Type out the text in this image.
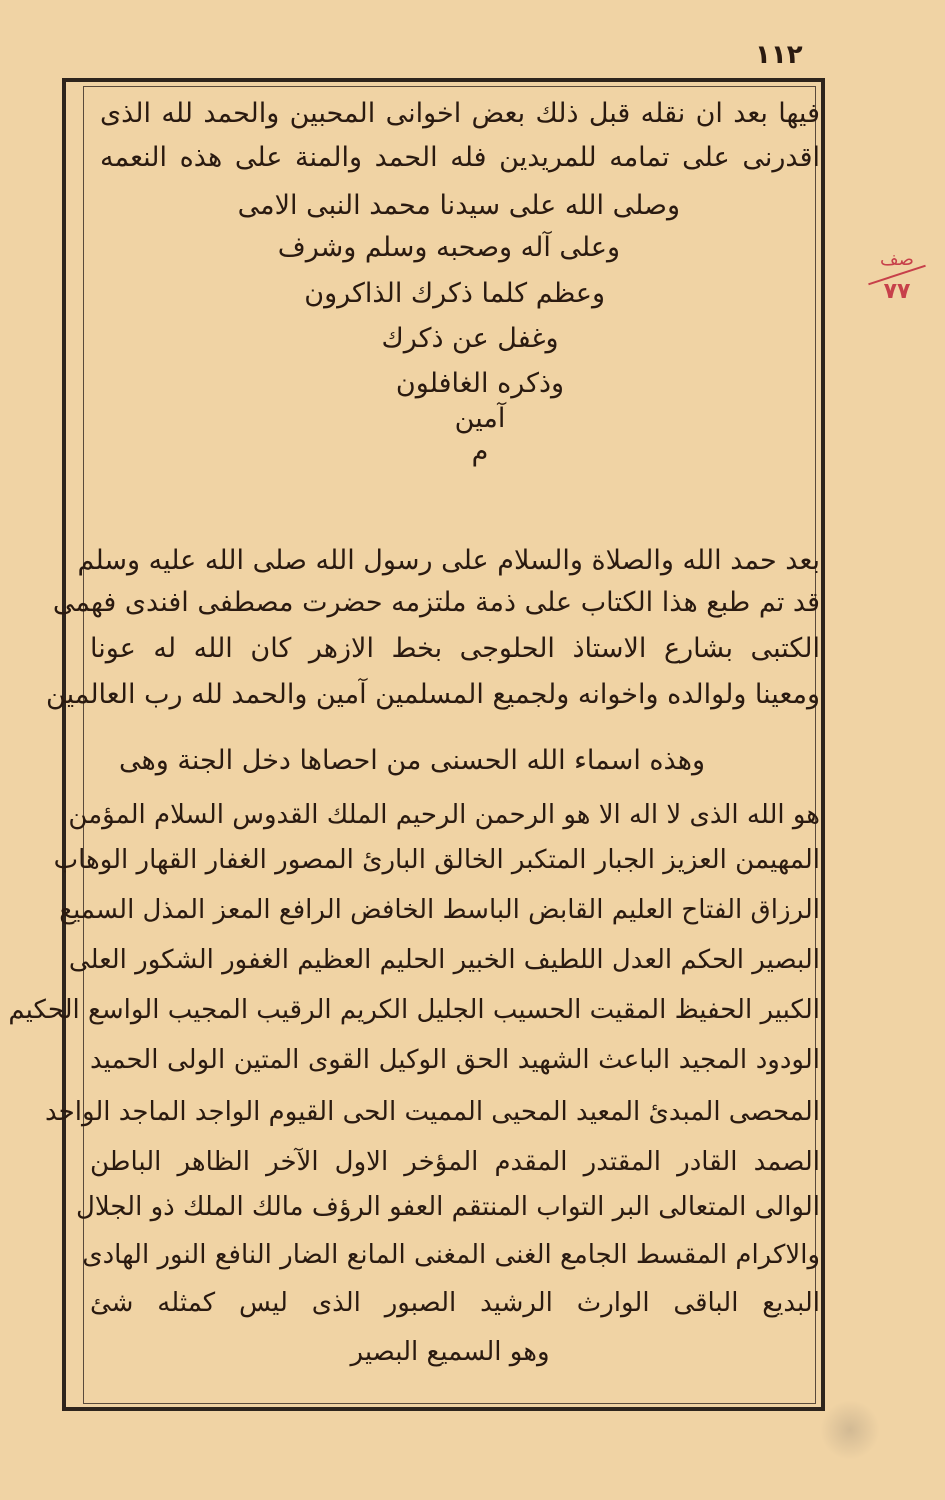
١١٢
صف
٧٧
فيها بعد ان نقله قبل ذلك بعض اخوانى المحبين والحمد لله الذى
اقدرنى على تمامه للمريدين فله الحمد والمنة على هذه النعمه
وصلى الله على سيدنا محمد النبى الامى
وعلى آله وصحبه وسلم وشرف
وعظم كلما ذكرك الذاكرون
وغفل عن ذكرك
وذكره الغافلون
آمين
م
بعد حمد الله والصلاة والسلام على رسول الله صلى الله عليه وسلم
قد تم طبع هذا الكتاب على ذمة ملتزمه حضرت مصطفى افندى فهمى
الكتبى بشارع الاستاذ الحلوجى بخط الازهر كان الله له عونا
ومعينا ولوالده واخوانه ولجميع المسلمين آمين والحمد لله رب العالمين
وهذه اسماء الله الحسنى من احصاها دخل الجنة وهى
هو الله الذى لا اله الا هو الرحمن الرحيم الملك القدوس السلام المؤمن
المهيمن العزيز الجبار المتكبر الخالق البارئ المصور الغفار القهار الوهاب
الرزاق الفتاح العليم القابض الباسط الخافض الرافع المعز المذل السميع
البصير الحكم العدل اللطيف الخبير الحليم العظيم الغفور الشكور العلى
الكبير الحفيظ المقيت الحسيب الجليل الكريم الرقيب المجيب الواسع الحكيم
الودود المجيد الباعث الشهيد الحق الوكيل القوى المتين الولى الحميد
المحصى المبدئ المعيد المحيى المميت الحى القيوم الواجد الماجد الواحد
الصمد القادر المقتدر المقدم المؤخر الاول الآخر الظاهر الباطن
الوالى المتعالى البر التواب المنتقم العفو الرؤف مالك الملك ذو الجلال
والاكرام المقسط الجامع الغنى المغنى المانع الضار النافع النور الهادى
البديع الباقى الوارث الرشيد الصبور الذى ليس كمثله شئ
وهو السميع البصير
